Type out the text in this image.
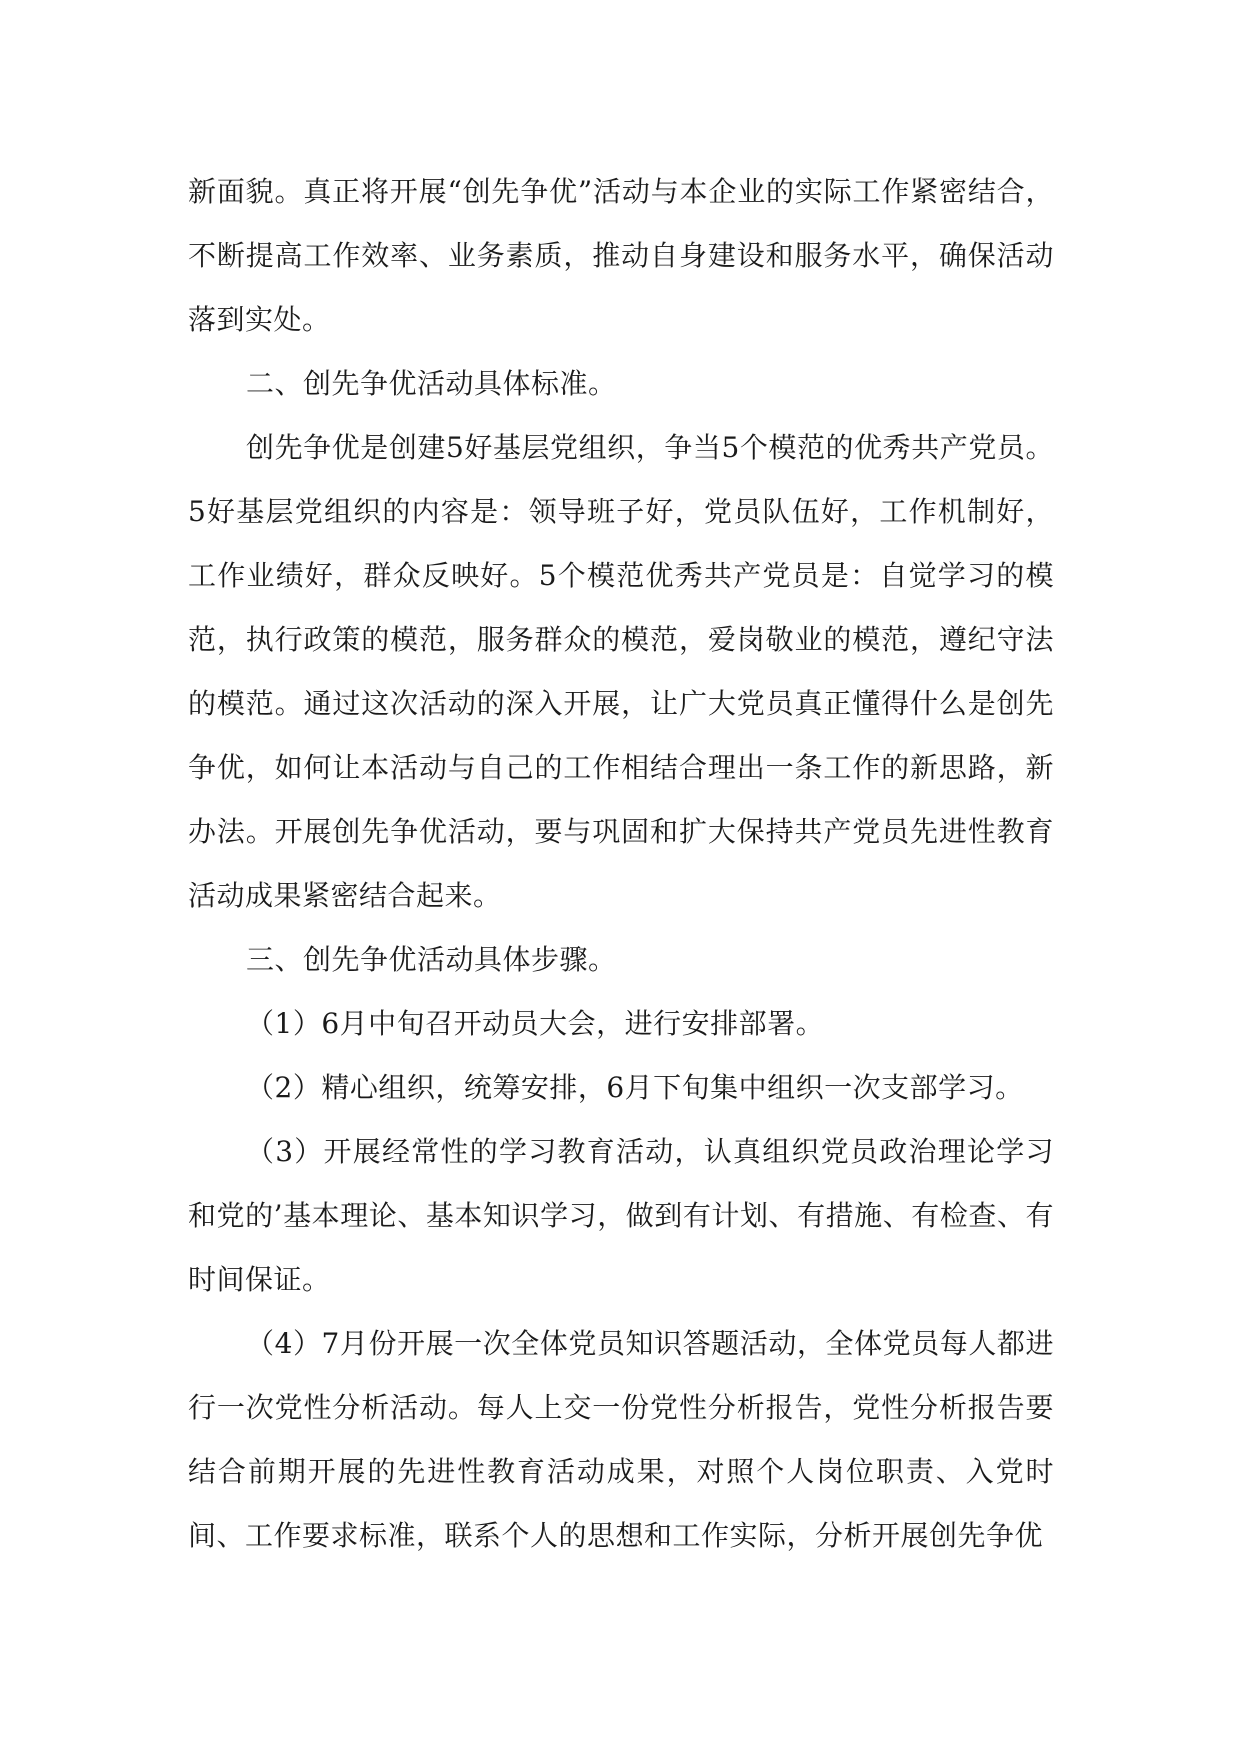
新面貌。真正将开展“创先争优”活动与本企业的实际工作紧密结合，不断提高工作效率、业务素质，推动自身建设和服务水平，确保活动落到实处。

二、创先争优活动具体标准。

创先争优是创建5好基层党组织，争当5个模范的优秀共产党员。5好基层党组织的内容是：领导班子好，党员队伍好，工作机制好，工作业绩好，群众反映好。5个模范优秀共产党员是：自觉学习的模范，执行政策的模范，服务群众的模范，爱岗敬业的模范，遵纪守法的模范。通过这次活动的深入开展，让广大党员真正懂得什么是创先争优，如何让本活动与自己的工作相结合理出一条工作的新思路，新办法。开展创先争优活动，要与巩固和扩大保持共产党员先进性教育活动成果紧密结合起来。

三、创先争优活动具体步骤。

（1）6月中旬召开动员大会，进行安排部署。

（2）精心组织，统筹安排，6月下旬集中组织一次支部学习。

（3）开展经常性的学习教育活动，认真组织党员政治理论学习和党的’基本理论、基本知识学习，做到有计划、有措施、有检查、有时间保证。

（4）7月份开展一次全体党员知识答题活动，全体党员每人都进行一次党性分析活动。每人上交一份党性分析报告，党性分析报告要结合前期开展的先进性教育活动成果，对照个人岗位职责、入党时间、工作要求标准，联系个人的思想和工作实际，分析开展创先争优
